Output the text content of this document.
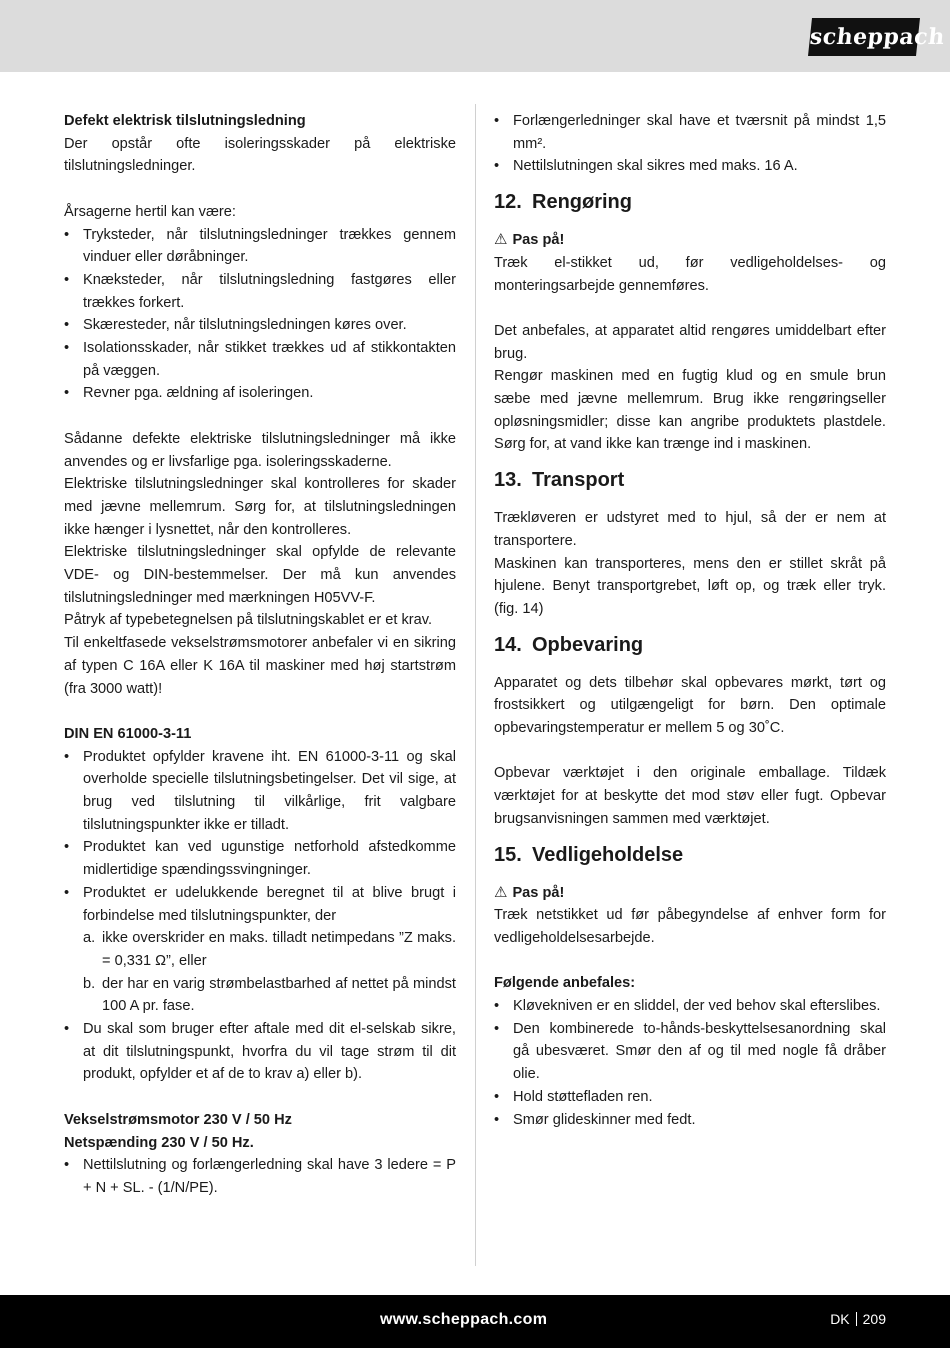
scheppach

Defekt elektrisk tilslutningsledning

Der opstår ofte isoleringsskader på elektriske tilslutningsledninger.

Årsagerne hertil kan være:

• Tryksteder, når tilslutningsledninger trækkes gennem vinduer eller døråbninger.
• Knæksteder, når tilslutningsledning fastgøres eller trækkes forkert.
• Skæresteder, når tilslutningsledningen køres over.
• Isolationsskader, når stikket trækkes ud af stikkontakten på væggen.
• Revner pga. ældning af isoleringen.

Sådanne defekte elektriske tilslutningsledninger må ikke anvendes og er livsfarlige pga. isoleringsskaderne.

Elektriske tilslutningsledninger skal kontrolleres for skader med jævne mellemrum. Sørg for, at tilslutningsledningen ikke hænger i lysnettet, når den kontrolleres.

Elektriske tilslutningsledninger skal opfylde de relevante VDE- og DIN-bestemmelser. Der må kun anvendes tilslutningsledninger med mærkningen H05VV-F.

Påtryk af typebetegnelsen på tilslutningskablet er et krav.

Til enkeltfasede vekselstrømsmotorer anbefaler vi en sikring af typen C 16A eller K 16A til maskiner med høj startstrøm (fra 3000 watt)!

DIN EN 61000-3-11

• Produktet opfylder kravene iht. EN 61000-3-11 og skal overholde specielle tilslutningsbetingelser. Det vil sige, at brug ved tilslutning til vilkårlige, frit valgbare tilslutningspunkter ikke er tilladt.
• Produktet kan ved ugunstige netforhold afstedkomme midlertidige spændingssvingninger.
• Produktet er udelukkende beregnet til at blive brugt i forbindelse med tilslutningspunkter, der
a. ikke overskrider en maks. tilladt netimpedans ”Z maks. = 0,331 Ω”, eller
b. der har en varig strømbelastbarhed af nettet på mindst 100 A pr. fase.
• Du skal som bruger efter aftale med dit el-selskab sikre, at dit tilslutningspunkt, hvorfra du vil tage strøm til dit produkt, opfylder et af de to krav a) eller b).

Vekselstrømsmotor 230 V / 50 Hz

Netspænding 230 V / 50 Hz.

• Nettilslutning og forlængerledning skal have 3 ledere = P + N + SL. - (1/N/PE).
• Forlængerledninger skal have et tværsnit på mindst 1,5 mm².
• Nettilslutningen skal sikres med maks. 16 A.
12. Rengøring

⚠ Pas på!

Træk el-stikket ud, før vedligeholdelses- og monteringsarbejde gennemføres.

Det anbefales, at apparatet altid rengøres umiddelbart efter brug.

Rengør maskinen med en fugtig klud og en smule brun sæbe med jævne mellemrum. Brug ikke rengøringseller opløsningsmidler; disse kan angribe produktets plastdele. Sørg for, at vand ikke kan trænge ind i maskinen.

13. Transport

Trækløveren er udstyret med to hjul, så der er nem at transportere.

Maskinen kan transporteres, mens den er stillet skråt på hjulene. Benyt transportgrebet, løft op, og træk eller tryk. (fig. 14)

14. Opbevaring

Apparatet og dets tilbehør skal opbevares mørkt, tørt og frostsikkert og utilgængeligt for børn. Den optimale opbevaringstemperatur er mellem 5 og 30˚C.

Opbevar værktøjet i den originale emballage. Tildæk værktøjet for at beskytte det mod støv eller fugt. Opbevar brugsanvisningen sammen med værktøjet.

15. Vedligeholdelse

⚠ Pas på!

Træk netstikket ud før påbegyndelse af enhver form for vedligeholdelsesarbejde.

Følgende anbefales:

• Kløvekniven er en sliddel, der ved behov skal efterslibes.
• Den kombinerede to-hånds-beskyttelsesanordning skal gå ubesværet. Smør den af og til med nogle få dråber olie.
• Hold støttefladen ren.
• Smør glideskinner med fedt.
www.scheppach.com	DK 209
